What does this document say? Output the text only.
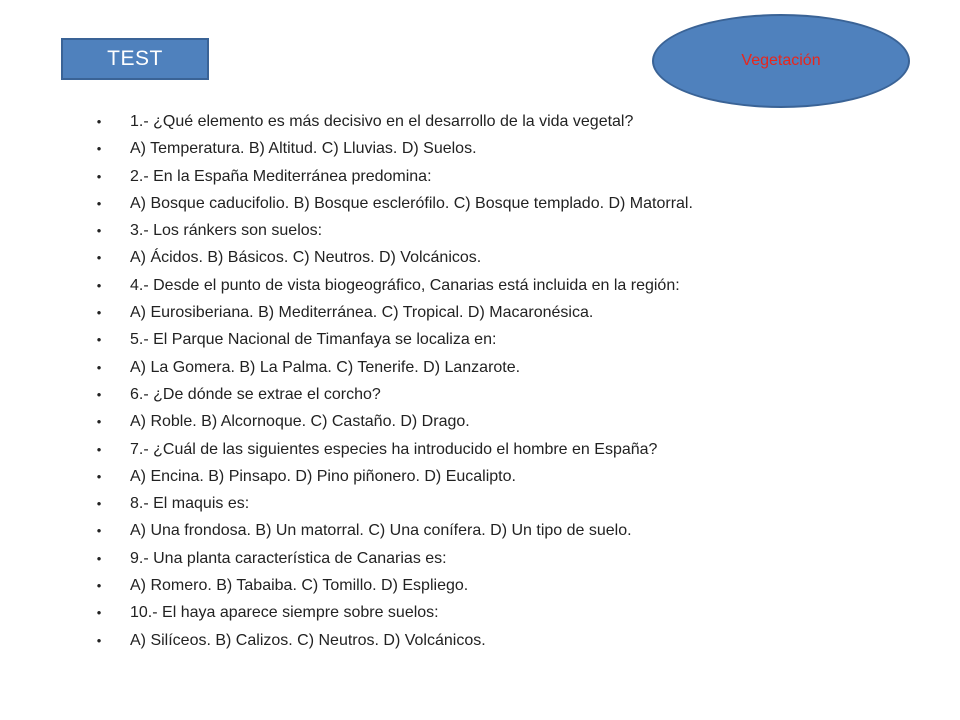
TEST	Vegetación
• 1.- ¿Qué elemento es más decisivo en el desarrollo de la vida vegetal?
• A) Temperatura. B) Altitud. C) Lluvias. D) Suelos.
• 2.- En la España Mediterránea predomina:
• A) Bosque caducifolio. B) Bosque esclerófilo. C) Bosque templado. D) Matorral.
• 3.- Los ránkers son suelos:
• A) Ácidos. B) Básicos. C) Neutros. D) Volcánicos.
• 4.- Desde el punto de vista biogeográfico, Canarias está incluida en la región:
• A) Eurosiberiana. B) Mediterránea. C) Tropical. D) Macaronésica.
• 5.- El Parque Nacional de Timanfaya se localiza en:
• A) La Gomera. B) La Palma. C) Tenerife. D) Lanzarote.
• 6.- ¿De dónde se extrae el corcho?
• A) Roble. B) Alcornoque. C) Castaño. D) Drago.
• 7.- ¿Cuál de las siguientes especies ha introducido el hombre en España?
• A) Encina. B) Pinsapo. D) Pino piñonero. D) Eucalipto.
• 8.- El maquis es:
• A) Una frondosa. B) Un matorral. C) Una conífera. D) Un tipo de suelo.
• 9.- Una planta característica de Canarias es:
• A) Romero. B) Tabaiba. C) Tomillo. D) Espliego.
• 10.- El haya aparece siempre sobre suelos:
• A) Silíceos. B) Calizos. C) Neutros. D) Volcánicos.
